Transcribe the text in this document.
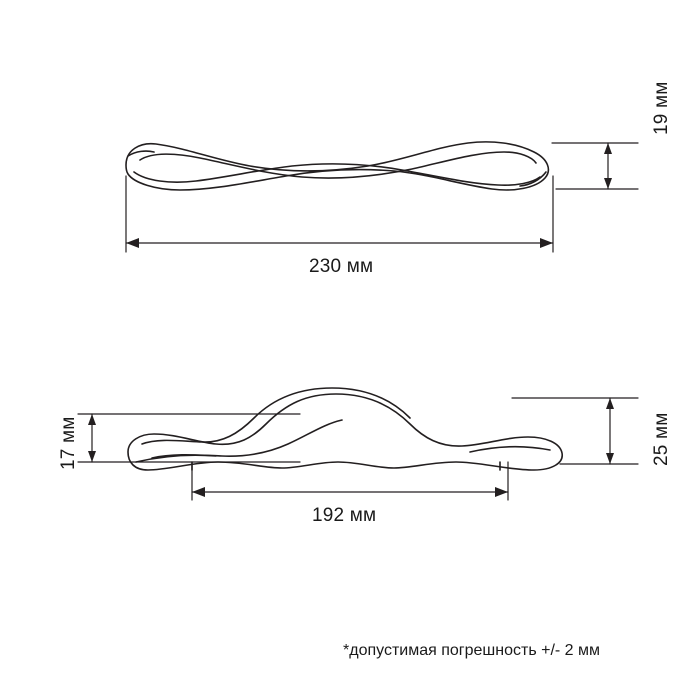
230 мм
19 мм
192 мм
17 мм	25 мм
*допустимая погрешность +/- 2 мм
